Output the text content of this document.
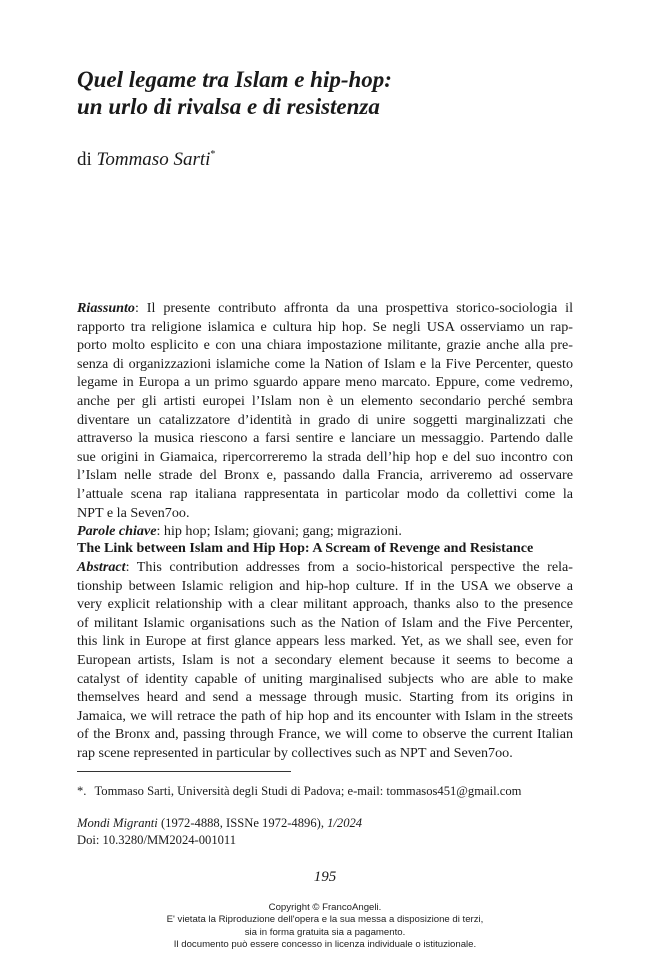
Quel legame tra Islam e hip-hop:
un urlo di rivalsa e di resistenza
di Tommaso Sarti*
Riassunto: Il presente contributo affronta da una prospettiva storico-sociologia il
rapporto tra religione islamica e cultura hip hop. Se negli USA osserviamo un rap-
porto molto esplicito e con una chiara impostazione militante, grazie anche alla pre-
senza di organizzazioni islamiche come la Nation of Islam e la Five Percenter, questo
legame in Europa a un primo sguardo appare meno marcato. Eppure, come vedremo,
anche per gli artisti europei l’Islam non è un elemento secondario perché sembra
diventare un catalizzatore d’identità in grado di unire soggetti marginalizzati che
attraverso la musica riescono a farsi sentire e lanciare un messaggio. Partendo dalle
sue origini in Giamaica, ripercorreremo la strada dell’hip hop e del suo incontro con
l’Islam nelle strade del Bronx e, passando dalla Francia, arriveremo ad osservare
l’attuale scena rap italiana rappresentata in particolar modo da collettivi come la
NPT e la Seven7oo.
Parole chiave: hip hop; Islam; giovani; gang; migrazioni.
The Link between Islam and Hip Hop: A Scream of Revenge and Resistance
Abstract: This contribution addresses from a socio-historical perspective the rela-
tionship between Islamic religion and hip-hop culture. If in the USA we observe a
very explicit relationship with a clear militant approach, thanks also to the presence
of militant Islamic organisations such as the Nation of Islam and the Five Percenter,
this link in Europe at first glance appears less marked. Yet, as we shall see, even for
European artists, Islam is not a secondary element because it seems to become a
catalyst of identity capable of uniting marginalised subjects who are able to make
themselves heard and send a message through music. Starting from its origins in
Jamaica, we will retrace the path of hip hop and its encounter with Islam in the streets
of the Bronx and, passing through France, we will come to observe the current Italian
rap scene represented in particular by collectives such as NPT and Seven7oo.
*. Tommaso Sarti, Università degli Studi di Padova; e-mail: tommasos451@gmail.com
Mondi Migranti (1972-4888, ISSNe 1972-4896), 1/2024
Doi: 10.3280/MM2024-001011
195
Copyright © FrancoAngeli.
E' vietata la Riproduzione dell'opera e la sua messa a disposizione di terzi,
sia in forma gratuita sia a pagamento.
Il documento può essere concesso in licenza individuale o istituzionale.
